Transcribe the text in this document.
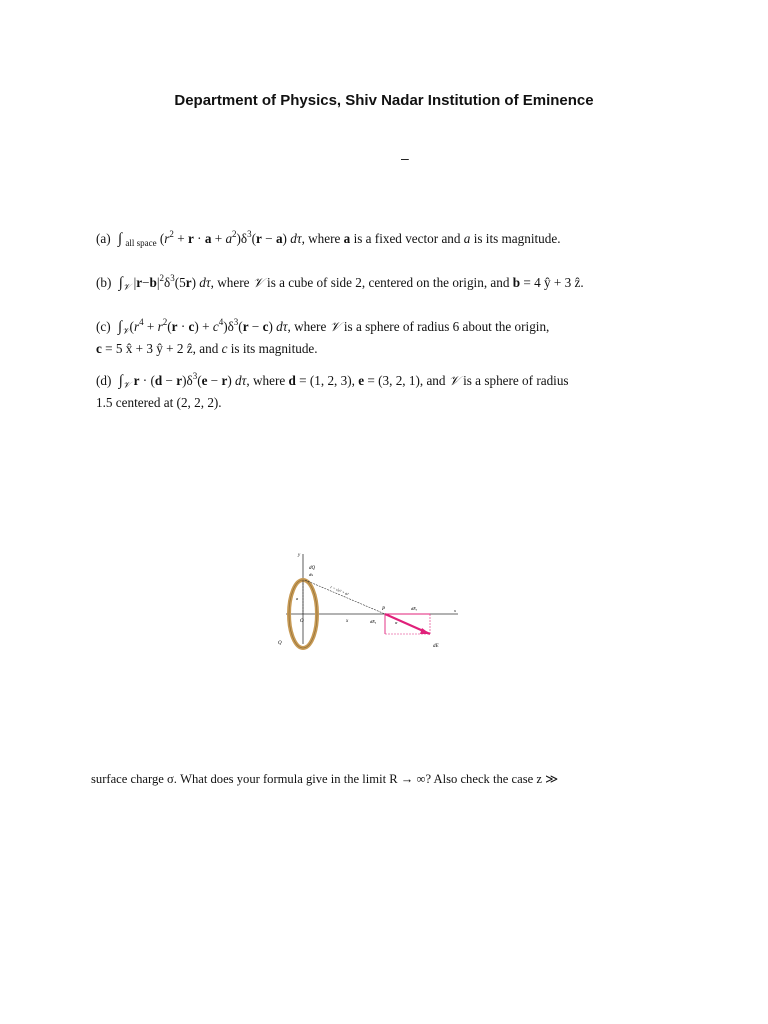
Department of Physics, Shiv Nadar Institution of Eminence
–
(a) ∫ $_{all space}$ $(r^2 + r \cdot a + a^2)\delta^3(r - a)$ dτ, where a is a fixed vector and a is its magnitude.
(b) $\int_𝒱$ $|r-b|^2\delta^3(5r)$ dτ, where 𝒱 is a cube of side 2, centered on the origin, and b = 4 ŷ + 3 ẑ.
(c) $\int_𝒱(r^4 + r^2(r \cdot c) + c^4)\delta^3(r - c)$ dτ, where 𝒱 is a sphere of radius 6 about the origin,
c = 5 x̂ + 3 ŷ + 2 ẑ, and c is its magnitude.
(d) $\int_𝒱$ $r \cdot (d - r)\delta^3(e - r)$ dτ, where d = (1, 2, 3), e = (3, 2, 1), and 𝒱 is a sphere of radius
1.5 centered at (2, 2, 2).
y
dQ
ds
a
O
Q
x
P
r = √x² + a²
α
dEₓ
dEᵧ
dE
x
surface charge σ. What does your formula give in the limit R → ∞? Also check the case z ≫
